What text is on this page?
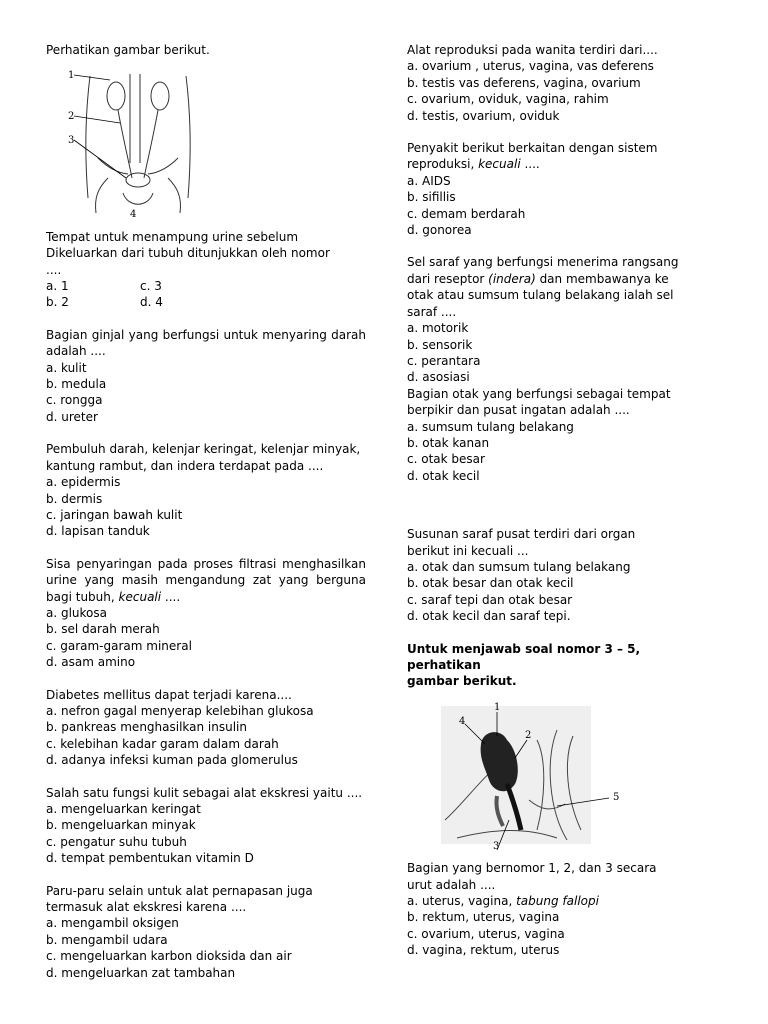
Perhatikan gambar berikut.

1
2
3
4

Tempat untuk menampung urine sebelum

Dikeluarkan dari tubuh ditunjukkan oleh nomor

....

a. 1	c. 3
b. 2	d. 4

Bagian ginjal yang berfungsi untuk menyaring darah adalah ....

a. kulit

b. medula

c. rongga

d. ureter

Pembuluh darah, kelenjar keringat, kelenjar minyak, kantung rambut, dan indera terdapat pada ....

a. epidermis

b. dermis

c. jaringan bawah kulit

d. lapisan tanduk

Sisa penyaringan pada proses filtrasi menghasilkan urine yang masih mengandung zat yang berguna bagi tubuh, kecuali ....

a. glukosa

b. sel darah merah

c. garam-garam mineral

d. asam amino

Diabetes mellitus dapat terjadi karena....

a. nefron gagal menyerap kelebihan glukosa

b. pankreas menghasilkan insulin

c. kelebihan kadar garam dalam darah

d. adanya infeksi kuman pada glomerulus

Salah satu fungsi kulit sebagai alat ekskresi yaitu ....

a. mengeluarkan keringat

b. mengeluarkan minyak

c. pengatur suhu tubuh

d. tempat pembentukan vitamin D

Paru-paru selain untuk alat pernapasan juga termasuk alat ekskresi karena ....

a. mengambil oksigen

b. mengambil udara

c. mengeluarkan karbon dioksida dan air

d. mengeluarkan zat tambahan

Alat reproduksi pada wanita terdiri dari....

a. ovarium , uterus, vagina, vas deferens

b. testis vas deferens, vagina, ovarium

c. ovarium, oviduk, vagina, rahim

d. testis, ovarium, oviduk

Penyakit berikut berkaitan dengan sistem

reproduksi, kecuali ....

a. AIDS

b. sifillis

c. demam berdarah

d. gonorea

Sel saraf yang berfungsi menerima rangsang

dari reseptor (indera) dan membawanya ke

otak atau sumsum tulang belakang ialah sel

saraf ....

a. motorik

b. sensorik

c. perantara

d. asosiasi

Bagian otak yang berfungsi sebagai tempat

berpikir dan pusat ingatan adalah ....

a. sumsum tulang belakang

b. otak kanan

c. otak besar

d. otak kecil

Susunan saraf pusat terdiri dari organ

berikut ini kecuali ...

a. otak dan sumsum tulang belakang

b. otak besar dan otak kecil

c. saraf tepi dan otak besar

d. otak kecil dan saraf tepi.

Untuk menjawab soal nomor 3 – 5, perhatikan

gambar berikut.

1
2
3
4
5

Bagian yang bernomor 1, 2, dan 3 secara

urut adalah ....

a. uterus, vagina, tabung fallopi

b. rektum, uterus, vagina

c. ovarium, uterus, vagina

d. vagina, rektum, uterus
